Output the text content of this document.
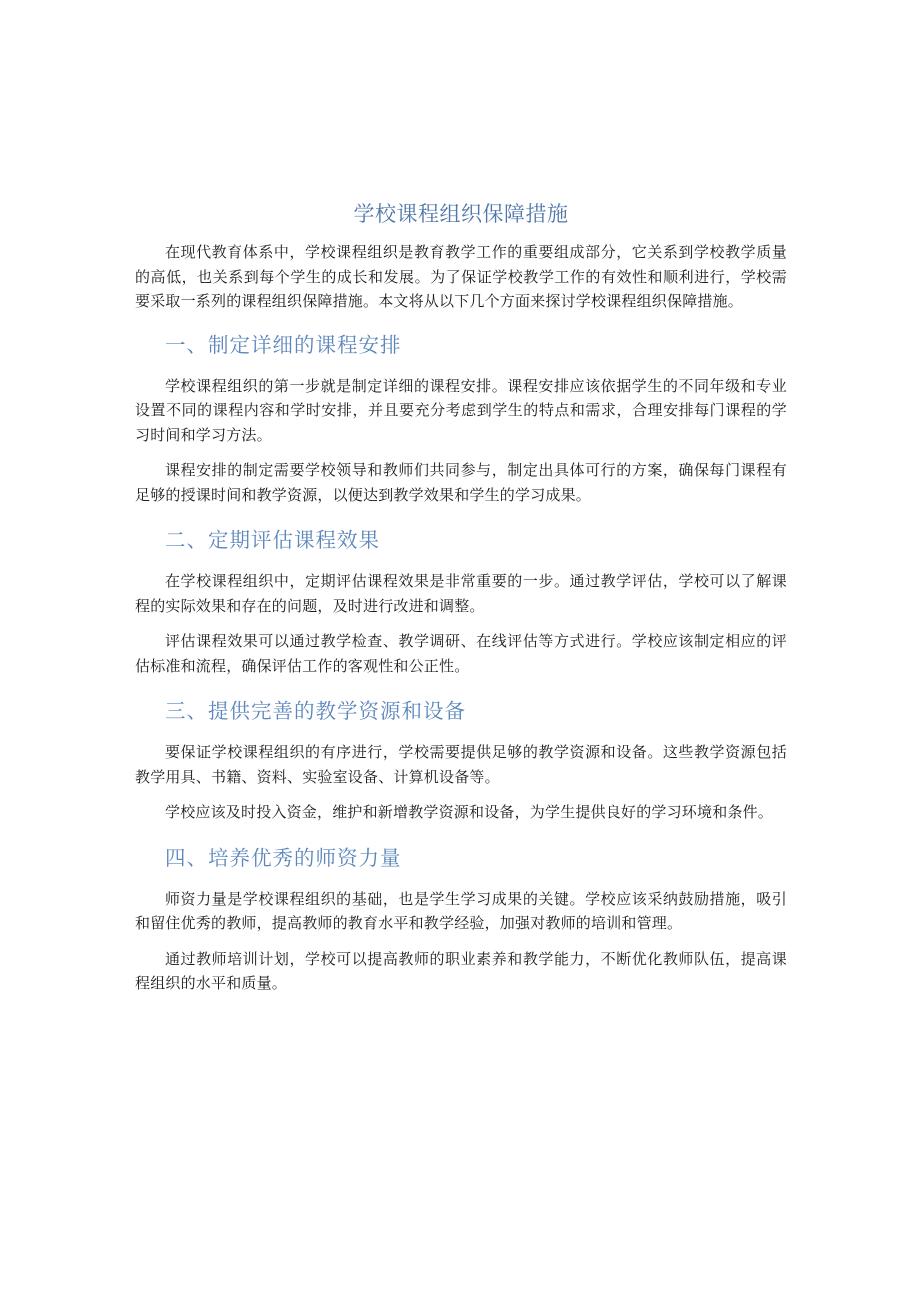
学校课程组织保障措施

在现代教育体系中，学校课程组织是教育教学工作的重要组成部分，它关系到学校教学质量的高低，也关系到每个学生的成长和发展。为了保证学校教学工作的有效性和顺利进行，学校需要采取一系列的课程组织保障措施。本文将从以下几个方面来探讨学校课程组织保障措施。

一、制定详细的课程安排

学校课程组织的第一步就是制定详细的课程安排。课程安排应该依据学生的不同年级和专业设置不同的课程内容和学时安排，并且要充分考虑到学生的特点和需求，合理安排每门课程的学习时间和学习方法。

课程安排的制定需要学校领导和教师们共同参与，制定出具体可行的方案，确保每门课程有足够的授课时间和教学资源，以便达到教学效果和学生的学习成果。

二、定期评估课程效果

在学校课程组织中，定期评估课程效果是非常重要的一步。通过教学评估，学校可以了解课程的实际效果和存在的问题，及时进行改进和调整。

评估课程效果可以通过教学检查、教学调研、在线评估等方式进行。学校应该制定相应的评估标准和流程，确保评估工作的客观性和公正性。

三、提供完善的教学资源和设备

要保证学校课程组织的有序进行，学校需要提供足够的教学资源和设备。这些教学资源包括教学用具、书籍、资料、实验室设备、计算机设备等。

学校应该及时投入资金，维护和新增教学资源和设备，为学生提供良好的学习环境和条件。

四、培养优秀的师资力量

师资力量是学校课程组织的基础，也是学生学习成果的关键。学校应该采纳鼓励措施，吸引和留住优秀的教师，提高教师的教育水平和教学经验，加强对教师的培训和管理。

通过教师培训计划，学校可以提高教师的职业素养和教学能力，不断优化教师队伍，提高课程组织的水平和质量。
